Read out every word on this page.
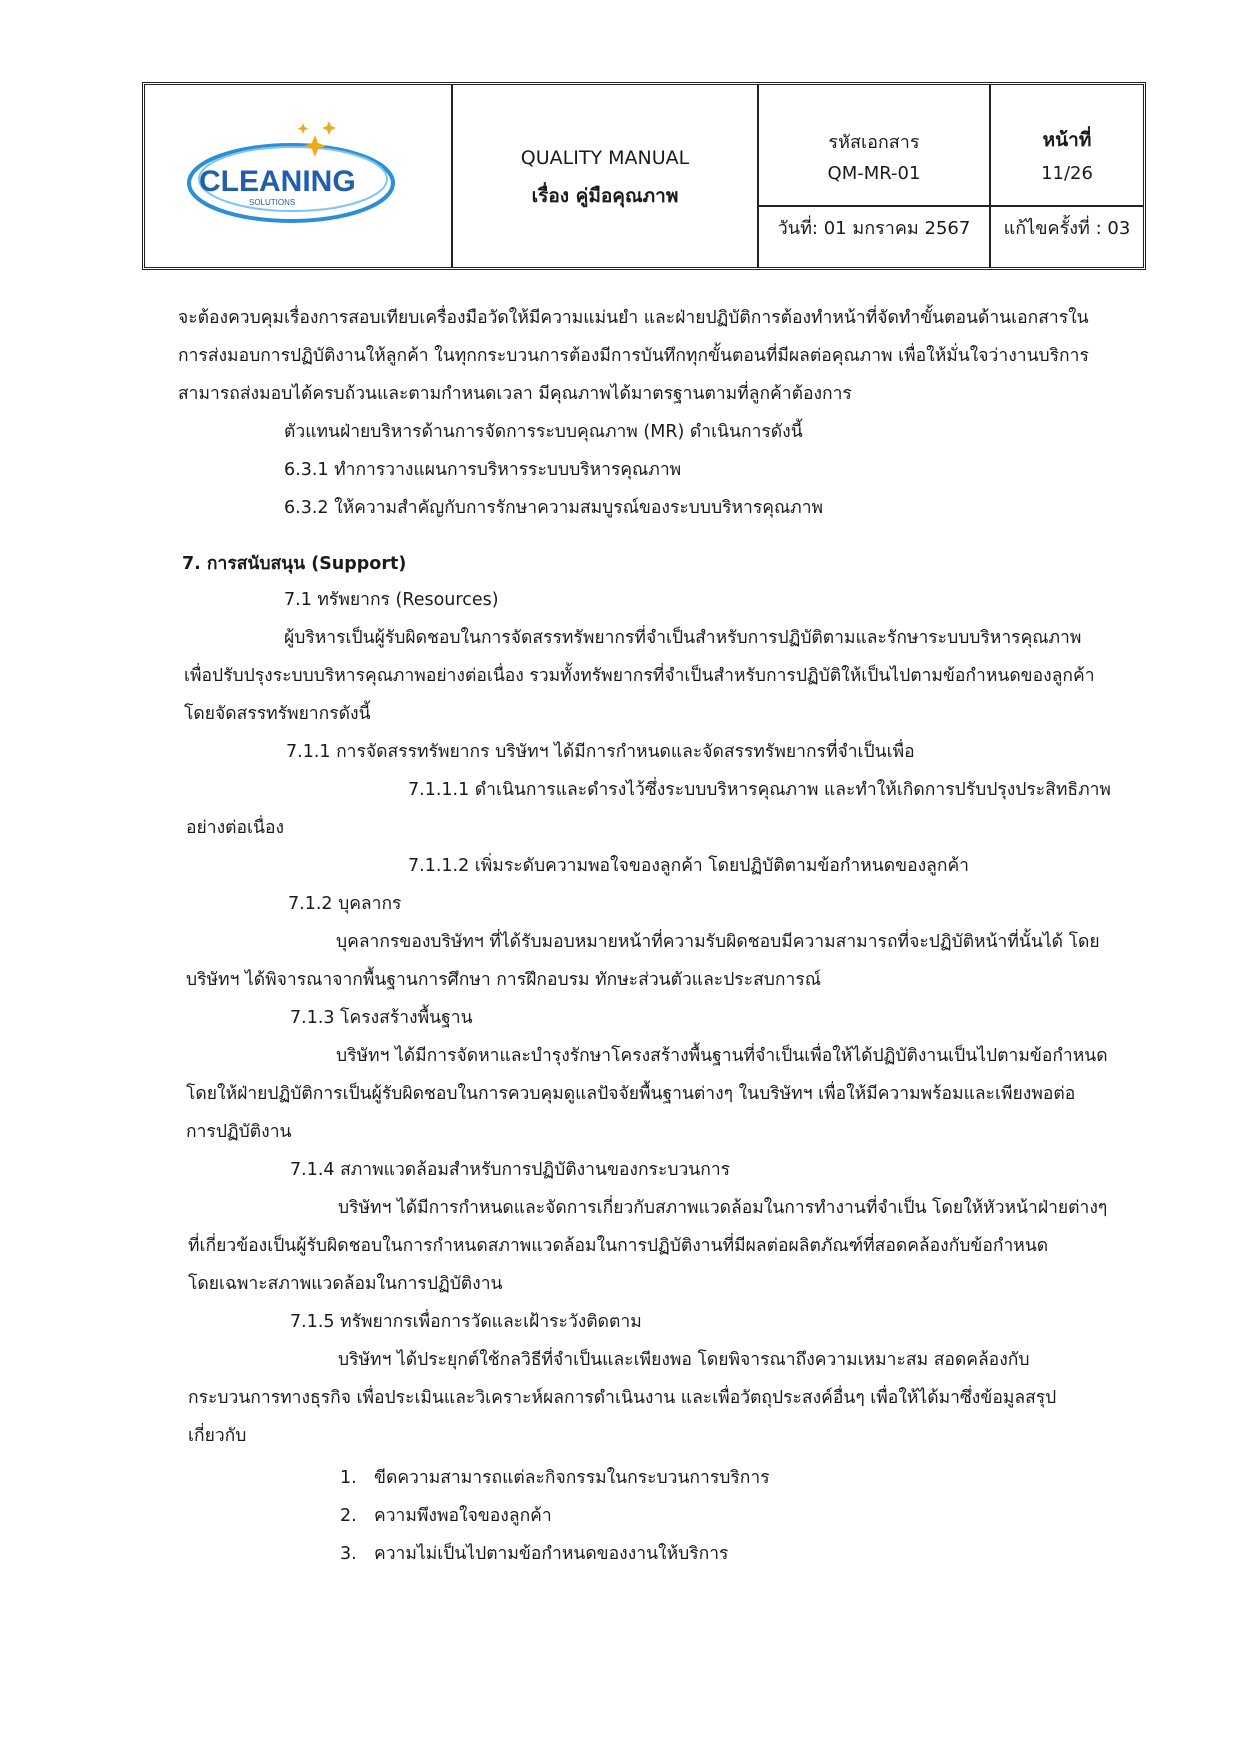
CLEANING
SOLUTIONS
QUALITY MANUAL
เรื่อง คู่มือคุณภาพ
รหัสเอกสาร
QM-MR-01
วันที่: 01 มกราคม 2567
หน้าที่
11/26
แก้ไขครั้งที่ : 03
จะต้องควบคุมเรื่องการสอบเทียบเครื่องมือวัดให้มีความแม่นยำ และฝ่ายปฏิบัติการต้องทำหน้าที่จัดทำขั้นตอนด้านเอกสารใน
การส่งมอบการปฏิบัติงานให้ลูกค้า ในทุกกระบวนการต้องมีการบันทึกทุกขั้นตอนที่มีผลต่อคุณภาพ เพื่อให้มั่นใจว่างานบริการ
สามารถส่งมอบได้ครบถ้วนและตามกำหนดเวลา มีคุณภาพได้มาตรฐานตามที่ลูกค้าต้องการ
ตัวแทนฝ่ายบริหารด้านการจัดการระบบคุณภาพ (MR) ดำเนินการดังนี้
6.3.1 ทำการวางแผนการบริหารระบบบริหารคุณภาพ
6.3.2 ให้ความสำคัญกับการรักษาความสมบูรณ์ของระบบบริหารคุณภาพ
7. การสนับสนุน (Support)
7.1 ทรัพยากร (Resources)
ผู้บริหารเป็นผู้รับผิดชอบในการจัดสรรทรัพยากรที่จำเป็นสำหรับการปฏิบัติตามและรักษาระบบบริหารคุณภาพ
เพื่อปรับปรุงระบบบริหารคุณภาพอย่างต่อเนื่อง รวมทั้งทรัพยากรที่จำเป็นสำหรับการปฏิบัติให้เป็นไปตามข้อกำหนดของลูกค้า
โดยจัดสรรทรัพยากรดังนี้
7.1.1 การจัดสรรทรัพยากร บริษัทฯ ได้มีการกำหนดและจัดสรรทรัพยากรที่จำเป็นเพื่อ
7.1.1.1 ดำเนินการและดำรงไว้ซึ่งระบบบริหารคุณภาพ และทำให้เกิดการปรับปรุงประสิทธิภาพ
อย่างต่อเนื่อง
7.1.1.2 เพิ่มระดับความพอใจของลูกค้า โดยปฏิบัติตามข้อกำหนดของลูกค้า
7.1.2 บุคลากร
บุคลากรของบริษัทฯ ที่ได้รับมอบหมายหน้าที่ความรับผิดชอบมีความสามารถที่จะปฏิบัติหน้าที่นั้นได้ โดย
บริษัทฯ ได้พิจารณาจากพื้นฐานการศึกษา การฝึกอบรม ทักษะส่วนตัวและประสบการณ์
7.1.3 โครงสร้างพื้นฐาน
บริษัทฯ ได้มีการจัดหาและบำรุงรักษาโครงสร้างพื้นฐานที่จำเป็นเพื่อให้ได้ปฏิบัติงานเป็นไปตามข้อกำหนด
โดยให้ฝ่ายปฏิบัติการเป็นผู้รับผิดชอบในการควบคุมดูแลปัจจัยพื้นฐานต่างๆ ในบริษัทฯ เพื่อให้มีความพร้อมและเพียงพอต่อ
การปฏิบัติงาน
7.1.4 สภาพแวดล้อมสำหรับการปฏิบัติงานของกระบวนการ
บริษัทฯ ได้มีการกำหนดและจัดการเกี่ยวกับสภาพแวดล้อมในการทำงานที่จำเป็น โดยให้หัวหน้าฝ่ายต่างๆ
ที่เกี่ยวข้องเป็นผู้รับผิดชอบในการกำหนดสภาพแวดล้อมในการปฏิบัติงานที่มีผลต่อผลิตภัณฑ์ที่สอดคล้องกับข้อกำหนด
โดยเฉพาะสภาพแวดล้อมในการปฏิบัติงาน
7.1.5 ทรัพยากรเพื่อการวัดและเฝ้าระวังติดตาม
บริษัทฯ ได้ประยุกต์ใช้กลวิธีที่จำเป็นและเพียงพอ โดยพิจารณาถึงความเหมาะสม สอดคล้องกับ
กระบวนการทางธุรกิจ เพื่อประเมินและวิเคราะห์ผลการดำเนินงาน และเพื่อวัตถุประสงค์อื่นๆ เพื่อให้ได้มาซึ่งข้อมูลสรุป
เกี่ยวกับ
1. ขีดความสามารถแต่ละกิจกรรมในกระบวนการบริการ
2. ความพึงพอใจของลูกค้า
3. ความไม่เป็นไปตามข้อกำหนดของงานให้บริการ
